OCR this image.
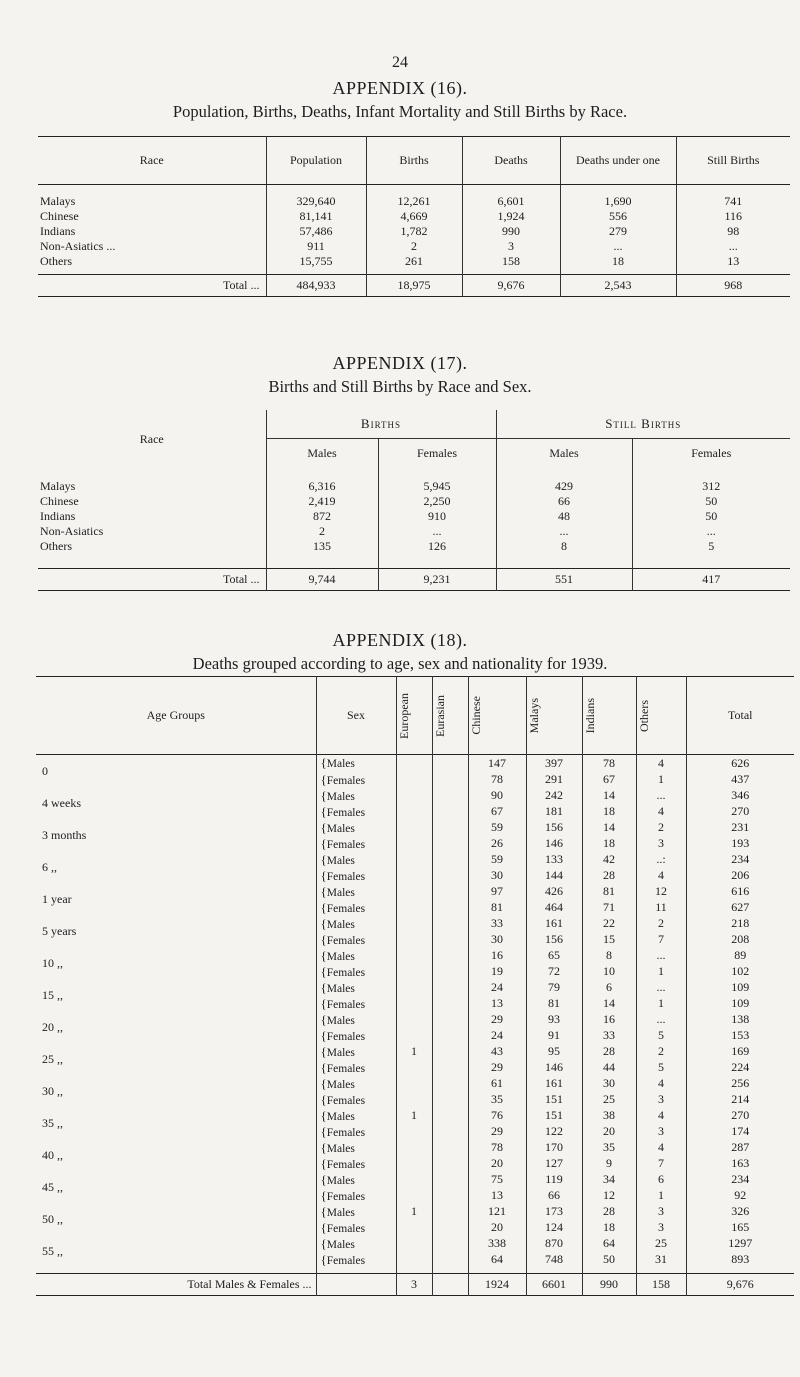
24
APPENDIX (16).
Population, Births, Deaths, Infant Mortality and Still Births by Race.
Race	Population	Births	Deaths	Deaths under one	Still Births
Malays	329,640	12,261	6,601	1,690	741
Chinese	81,141	4,669	1,924	556	116
Indians	57,486	1,782	990	279	98
Non-Asiatics ...	911	2	3	...	...
Others	15,755	261	158	18	13

Total ...	484,933	18,975	9,676	2,543	968
APPENDIX (17).
Births and Still Births by Race and Sex.
Race	Births		Still Births	
	Males	Females	Males	Females
Malays	6,316	5,945	429	312
Chinese	2,419	2,250	66	50
Indians	872	910	48	50
Non-Asiatics	2	...	...	...
Others	135	126	8	5

Total ...	9,744	9,231	551	417
APPENDIX (18).
Deaths grouped according to age, sex and nationality for 1939.
Age Groups	Sex	European	Eurasian	Chinese	Malays	Indians	Others	Total
0	{Males			147	397	78	4	626
	{Females			78	291	67	1	437
4 weeks	{Males			90	242	14	...	346
	{Females			67	181	18	4	270
3 months	{Males			59	156	14	2	231
	{Females			26	146	18	3	193
6 ,,	{Males			59	133	42	..:	234
	{Females			30	144	28	4	206
1 year	{Males			97	426	81	12	616
	{Females			81	464	71	11	627
5 years	{Males			33	161	22	2	218
	{Females			30	156	15	7	208
10 ,,	{Males			16	65	8	...	89
	{Females			19	72	10	1	102
15 ,,	{Males			24	79	6	...	109
	{Females			13	81	14	1	109
20 ,,	{Males			29	93	16	...	138
	{Females			24	91	33	5	153
25 ,,	{Males	1		43	95	28	2	169
	{Females			29	146	44	5	224
30 ,,	{Males			61	161	30	4	256
	{Females			35	151	25	3	214
35 ,,	{Males	1		76	151	38	4	270
	{Females			29	122	20	3	174
40 ,,	{Males			78	170	35	4	287
	{Females			20	127	9	7	163
45 ,,	{Males			75	119	34	6	234
	{Females			13	66	12	1	92
50 ,,	{Males	1		121	173	28	3	326
	{Females			20	124	18	3	165
55 ,,	{Males			338	870	64	25	1297
	{Females			64	748	50	31	893

Total Males & Females ...		3		1924	6601	990	158	9,676
